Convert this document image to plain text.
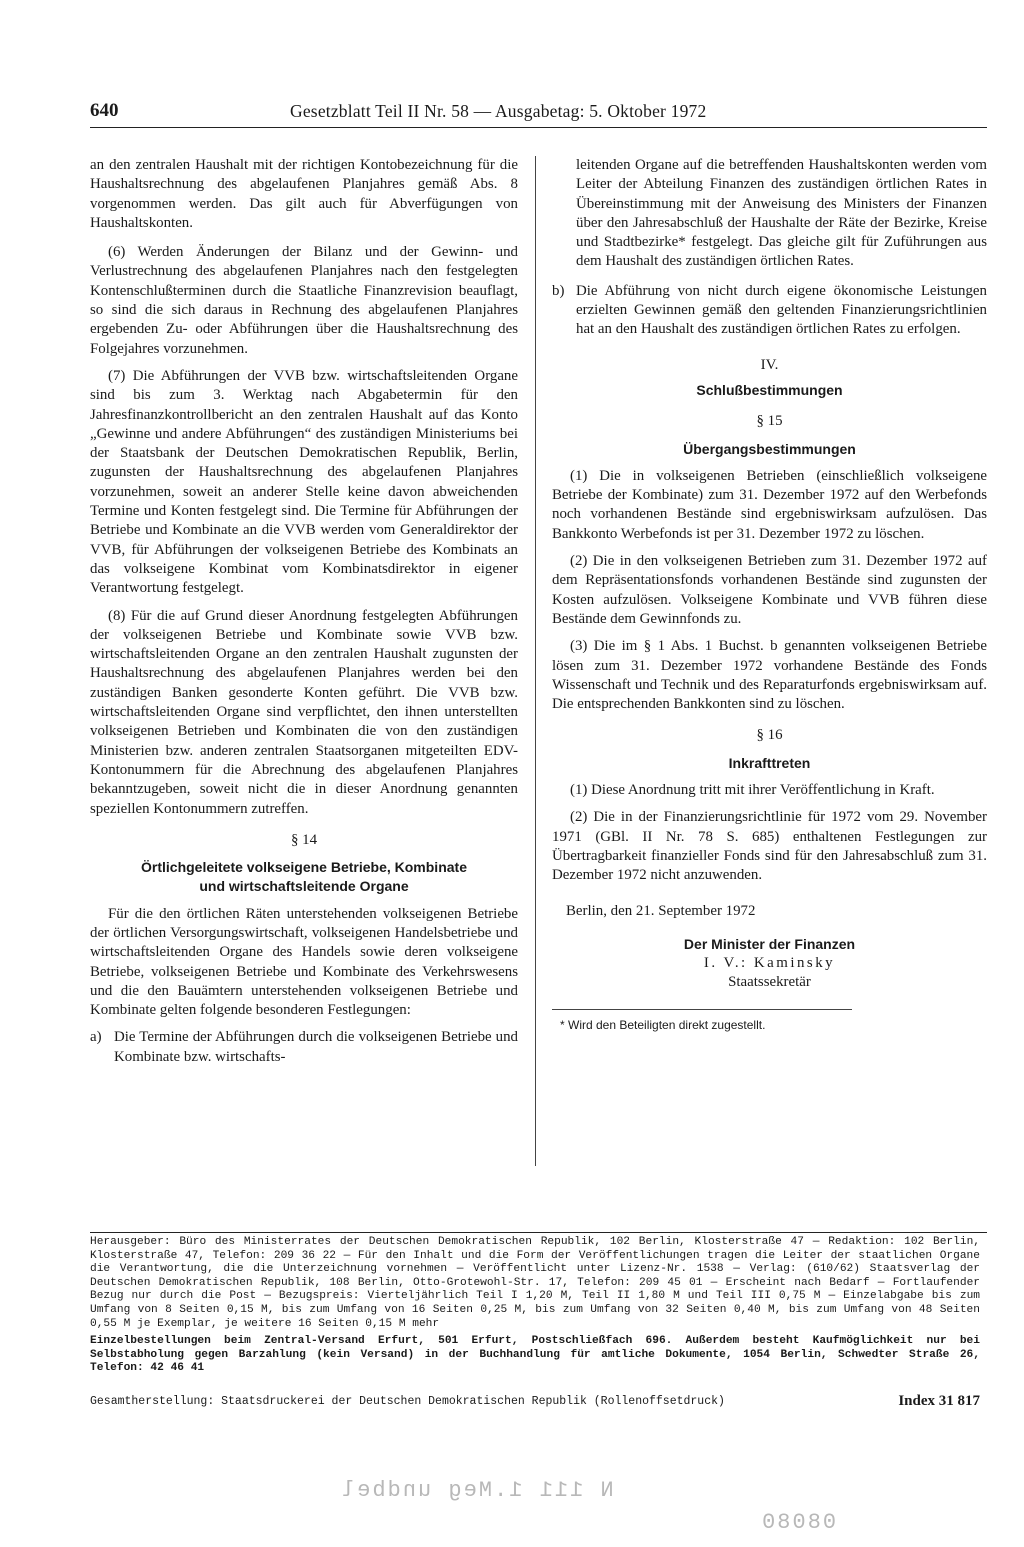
640	Gesetzblatt Teil II Nr. 58 — Ausgabetag: 5. Oktober 1972

an den zentralen Haushalt mit der richtigen Kontobezeichnung für die Haushaltsrechnung des abgelaufenen Planjahres gemäß Abs. 8 vorgenommen werden. Das gilt auch für Abverfügungen von Haushaltskonten.

(6) Werden Änderungen der Bilanz und der Gewinn- und Verlustrechnung des abgelaufenen Planjahres nach den festgelegten Kontenschlußterminen durch die Staatliche Finanzrevision beauflagt, so sind die sich daraus in Rechnung des abgelaufenen Planjahres ergebenden Zu- oder Abführungen über die Haushaltsrechnung des Folgejahres vorzunehmen.

(7) Die Abführungen der VVB bzw. wirtschaftsleitenden Organe sind bis zum 3. Werktag nach Abgabetermin für den Jahresfinanzkontrollbericht an den zentralen Haushalt auf das Konto „Gewinne und andere Abführungen“ des zuständigen Ministeriums bei der Staatsbank der Deutschen Demokratischen Republik, Berlin, zugunsten der Haushaltsrechnung des abgelaufenen Planjahres vorzunehmen, soweit an anderer Stelle keine davon abweichenden Termine und Konten festgelegt sind. Die Termine für Abführungen der Betriebe und Kombinate an die VVB werden vom Generaldirektor der VVB, für Abführungen der volkseigenen Betriebe des Kombinats an das volkseigene Kombinat vom Kombinatsdirektor in eigener Verantwortung festgelegt.

(8) Für die auf Grund dieser Anordnung festgelegten Abführungen der volkseigenen Betriebe und Kombinate sowie VVB bzw. wirtschaftsleitenden Organe an den zentralen Haushalt zugunsten der Haushaltsrechnung des abgelaufenen Planjahres werden bei den zuständigen Banken gesonderte Konten geführt. Die VVB bzw. wirtschaftsleitenden Organe sind verpflichtet, den ihnen unterstellten volkseigenen Betrieben und Kombinaten die von den zuständigen Ministerien bzw. anderen zentralen Staatsorganen mitgeteilten EDV-Kontonummern für die Abrechnung des abgelaufenen Planjahres bekanntzugeben, soweit nicht die in dieser Anordnung genannten speziellen Kontonummern zutreffen.

§ 14
Örtlichgeleitete volkseigene Betriebe, Kombinate
und wirtschaftsleitende Organe

Für die den örtlichen Räten unterstehenden volkseigenen Betriebe der örtlichen Versorgungswirtschaft, volkseigenen Handelsbetriebe und wirtschaftsleitenden Organe des Handels sowie deren volkseigene Betriebe, volkseigenen Betriebe und Kombinate des Verkehrswesens und die den Bauämtern unterstehenden volkseigenen Betriebe und Kombinate gelten folgende besonderen Festlegungen:

a) Die Termine der Abführungen durch die volkseigenen Betriebe und Kombinate bzw. wirtschafts-
leitenden Organe auf die betreffenden Haushaltskonten werden vom Leiter der Abteilung Finanzen des zuständigen örtlichen Rates in Übereinstimmung mit der Anweisung des Ministers der Finanzen über den Jahresabschluß der Haushalte der Räte der Bezirke, Kreise und Stadtbezirke* festgelegt. Das gleiche gilt für Zuführungen aus dem Haushalt des zuständigen örtlichen Rates.
b) Die Abführung von nicht durch eigene ökonomische Leistungen erzielten Gewinnen gemäß den geltenden Finanzierungsrichtlinien hat an den Haushalt des zuständigen örtlichen Rates zu erfolgen.
IV.
Schlußbestimmungen
§ 15
Übergangsbestimmungen

(1) Die in volkseigenen Betrieben (einschließlich volkseigene Betriebe der Kombinate) zum 31. Dezember 1972 auf den Werbefonds noch vorhandenen Bestände sind ergebniswirksam aufzulösen. Das Bankkonto Werbefonds ist per 31. Dezember 1972 zu löschen.

(2) Die in den volkseigenen Betrieben zum 31. Dezember 1972 auf dem Repräsentationsfonds vorhandenen Bestände sind zugunsten der Kosten aufzulösen. Volkseigene Kombinate und VVB führen diese Bestände dem Gewinnfonds zu.

(3) Die im § 1 Abs. 1 Buchst. b genannten volkseigenen Betriebe lösen zum 31. Dezember 1972 vorhandene Bestände des Fonds Wissenschaft und Technik und des Reparaturfonds ergebniswirksam auf. Die entsprechenden Bankkonten sind zu löschen.

§ 16
Inkrafttreten

(1) Diese Anordnung tritt mit ihrer Veröffentlichung in Kraft.

(2) Die in der Finanzierungsrichtlinie für 1972 vom 29. November 1971 (GBl. II Nr. 78 S. 685) enthaltenen Festlegungen zur Übertragbarkeit finanzieller Fonds sind für den Jahresabschluß zum 31. Dezember 1972 nicht anzuwenden.

Berlin, den 21. September 1972
Der Minister der Finanzen
I. V.: Kaminsky
Staatssekretär
* Wird den Beteiligten direkt zugestellt.

Herausgeber: Büro des Ministerrates der Deutschen Demokratischen Republik, 102 Berlin, Klosterstraße 47 — Redaktion: 102 Berlin, Klosterstraße 47, Telefon: 209 36 22 — Für den Inhalt und die Form der Veröffentlichungen tragen die Leiter der staatlichen Organe die Verantwortung, die die Unterzeichnung vornehmen — Veröffentlicht unter Lizenz-Nr. 1538 — Verlag: (610/62) Staatsverlag der Deutschen Demokratischen Republik, 108 Berlin, Otto-Grotewohl-Str. 17, Telefon: 209 45 01 — Erscheint nach Bedarf — Fortlaufender Bezug nur durch die Post — Bezugspreis: Vierteljährlich Teil I 1,20 M, Teil II 1,80 M und Teil III 0,75 M — Einzelabgabe bis zum Umfang von 8 Seiten 0,15 M, bis zum Umfang von 16 Seiten 0,25 M, bis zum Umfang von 32 Seiten 0,40 M, bis zum Umfang von 48 Seiten 0,55 M je Exemplar, je weitere 16 Seiten 0,15 M mehr

Einzelbestellungen beim Zentral-Versand Erfurt, 501 Erfurt, Postschließfach 696. Außerdem besteht Kaufmöglichkeit nur bei Selbstabholung gegen Barzahlung (kein Versand) in der Buchhandlung für amtliche Dokumente, 1054 Berlin, Schwedter Straße 26, Telefon: 42 46 41

Gesamtherstellung: Staatsdruckerei der Deutschen Demokratischen Republik (Rollenoffsetdruck)	Index 31 817
N 111 1.Meg undbel
08080
